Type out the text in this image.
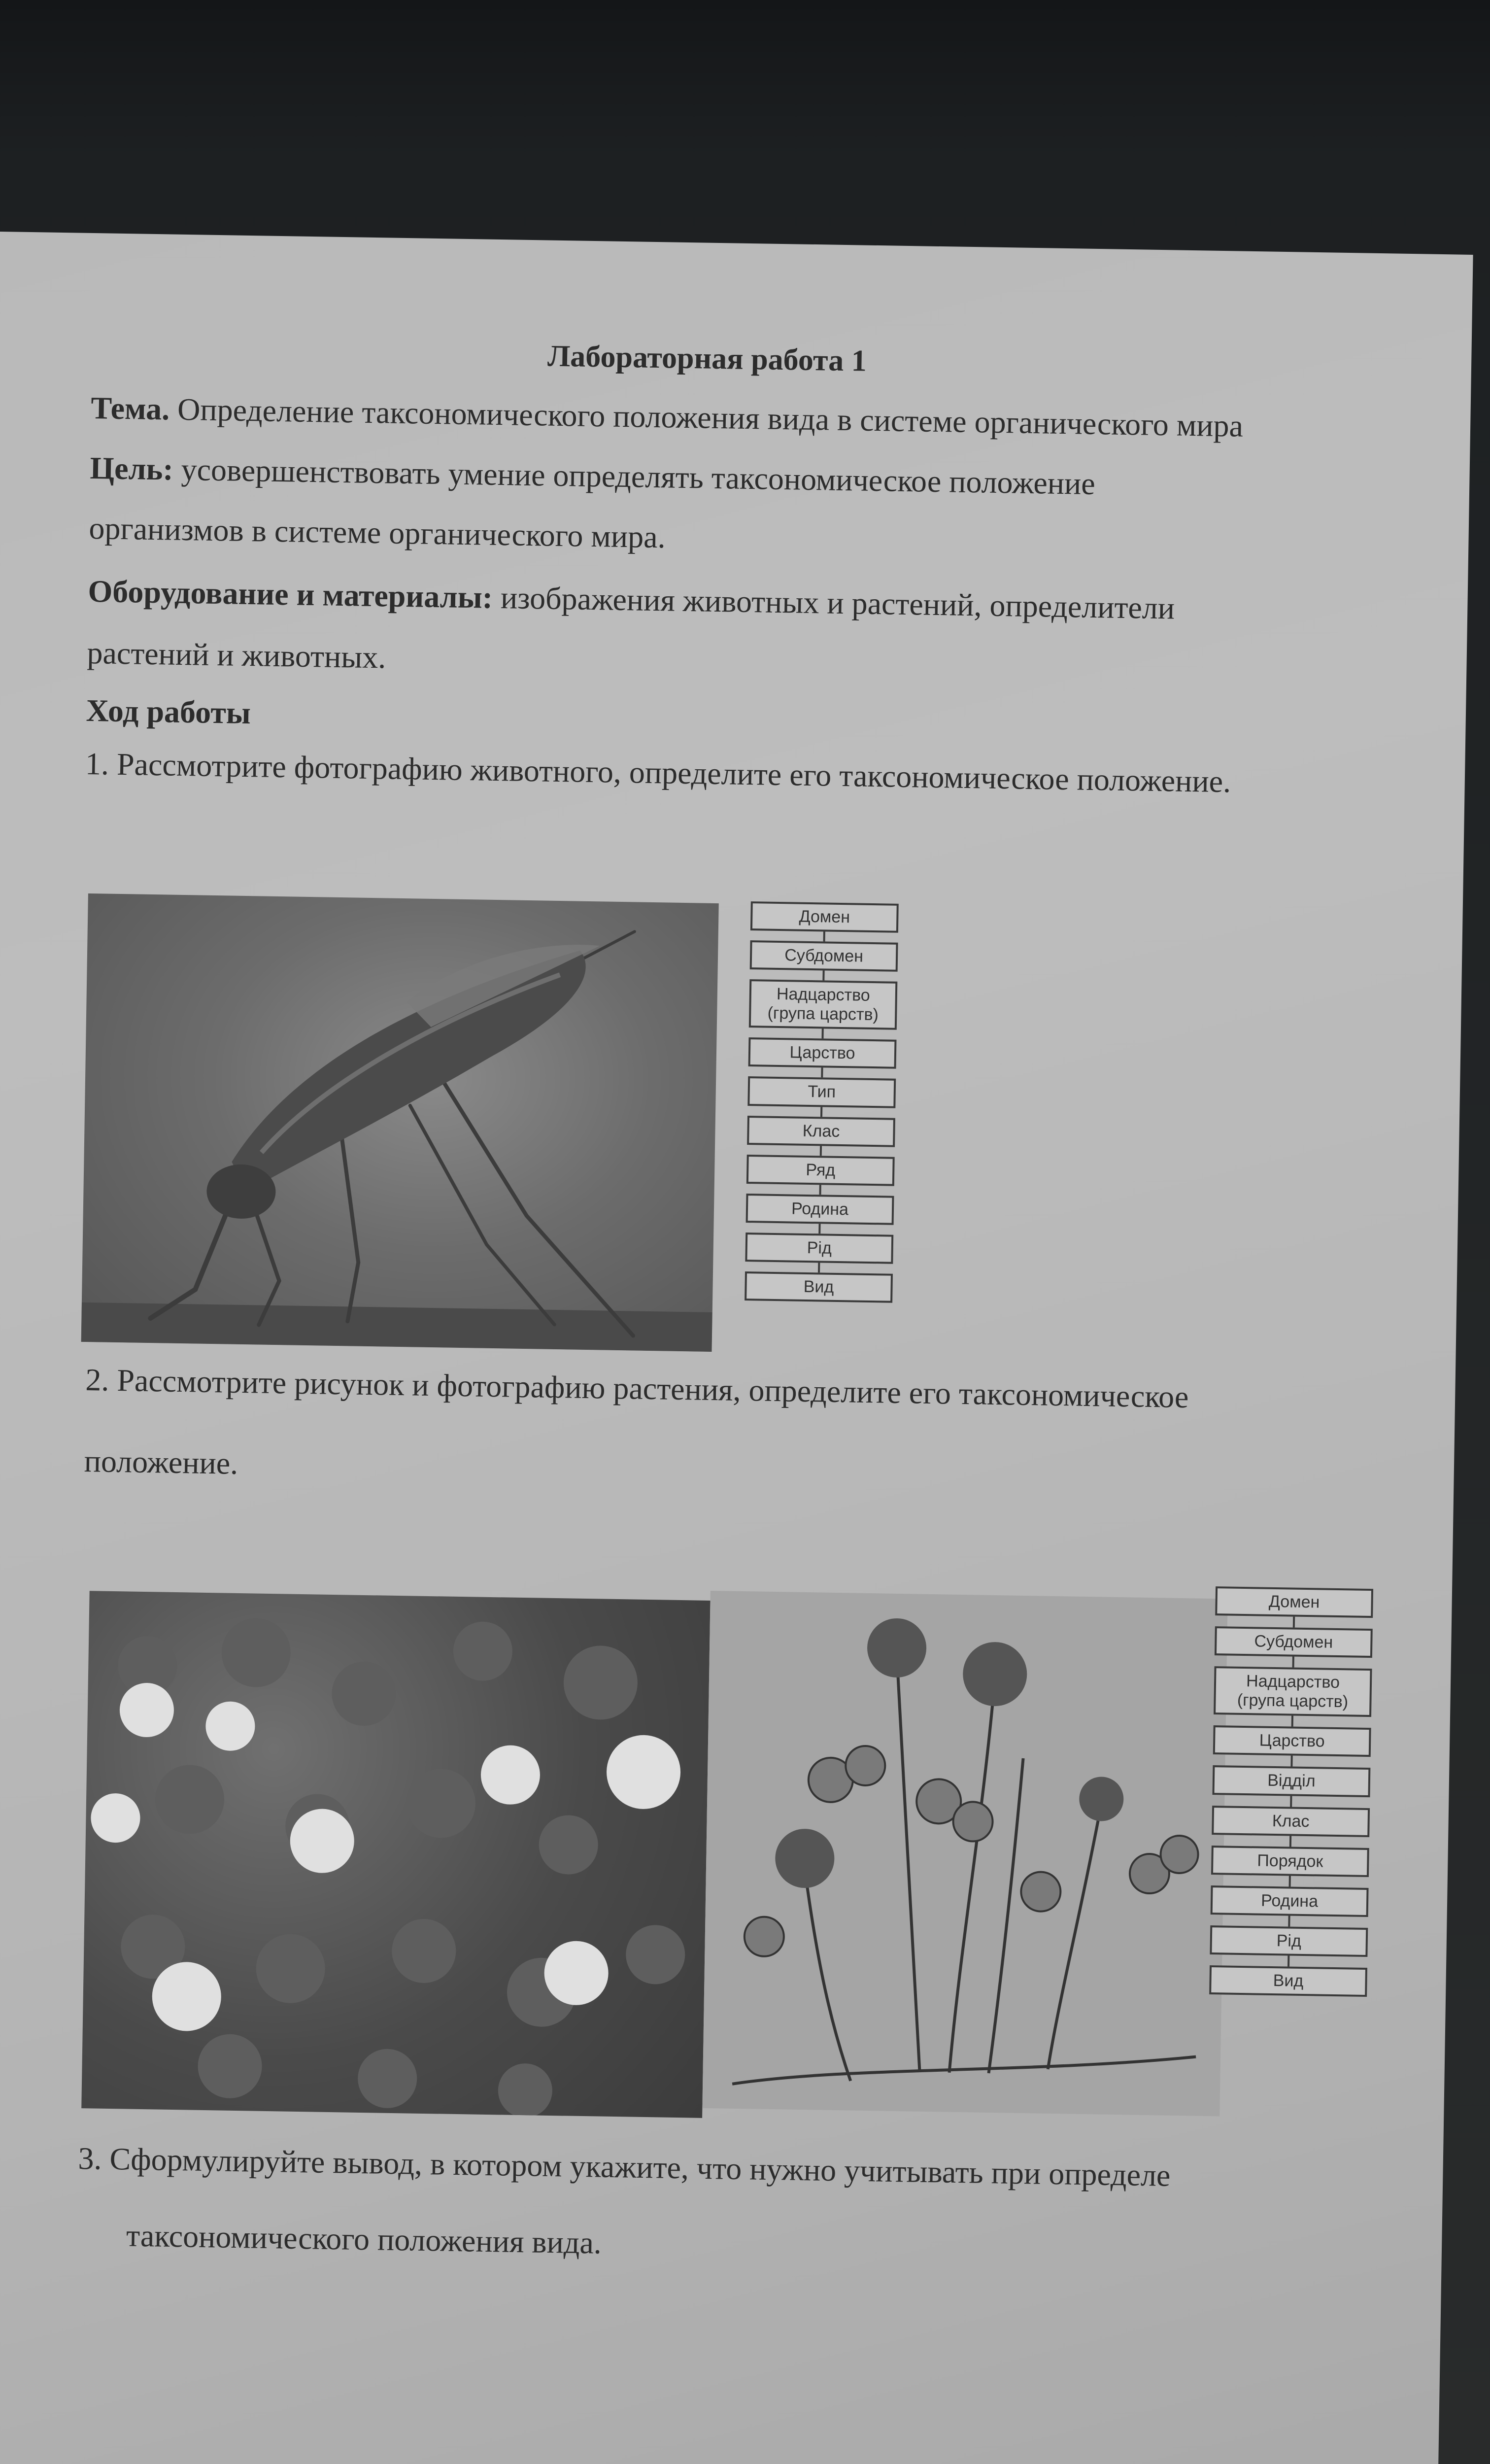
Лабораторная работа 1
Тема. Определение таксономического положения вида в системе органического мира
Цель: усовершенствовать умение определять таксономическое положение
организмов в системе органического мира.
Оборудование и материалы: изображения животных и растений, определители
растений и животных.
Ход работы
1. Рассмотрите фотографию животного, определите его таксономическое положение.
Домен
Субдомен
Надцарство
(група царств)
Царство
Тип
Клас
Ряд
Родина
Рід
Вид
2. Рассмотрите рисунок и фотографию растения, определите его таксономическое
положение.
Домен
Субдомен
Надцарство
(група царств)
Царство
Відділ
Клас
Порядок
Родина
Рід
Вид
3. Сформулируйте вывод, в котором укажите, что нужно учитывать при определе
таксономического положения вида.
